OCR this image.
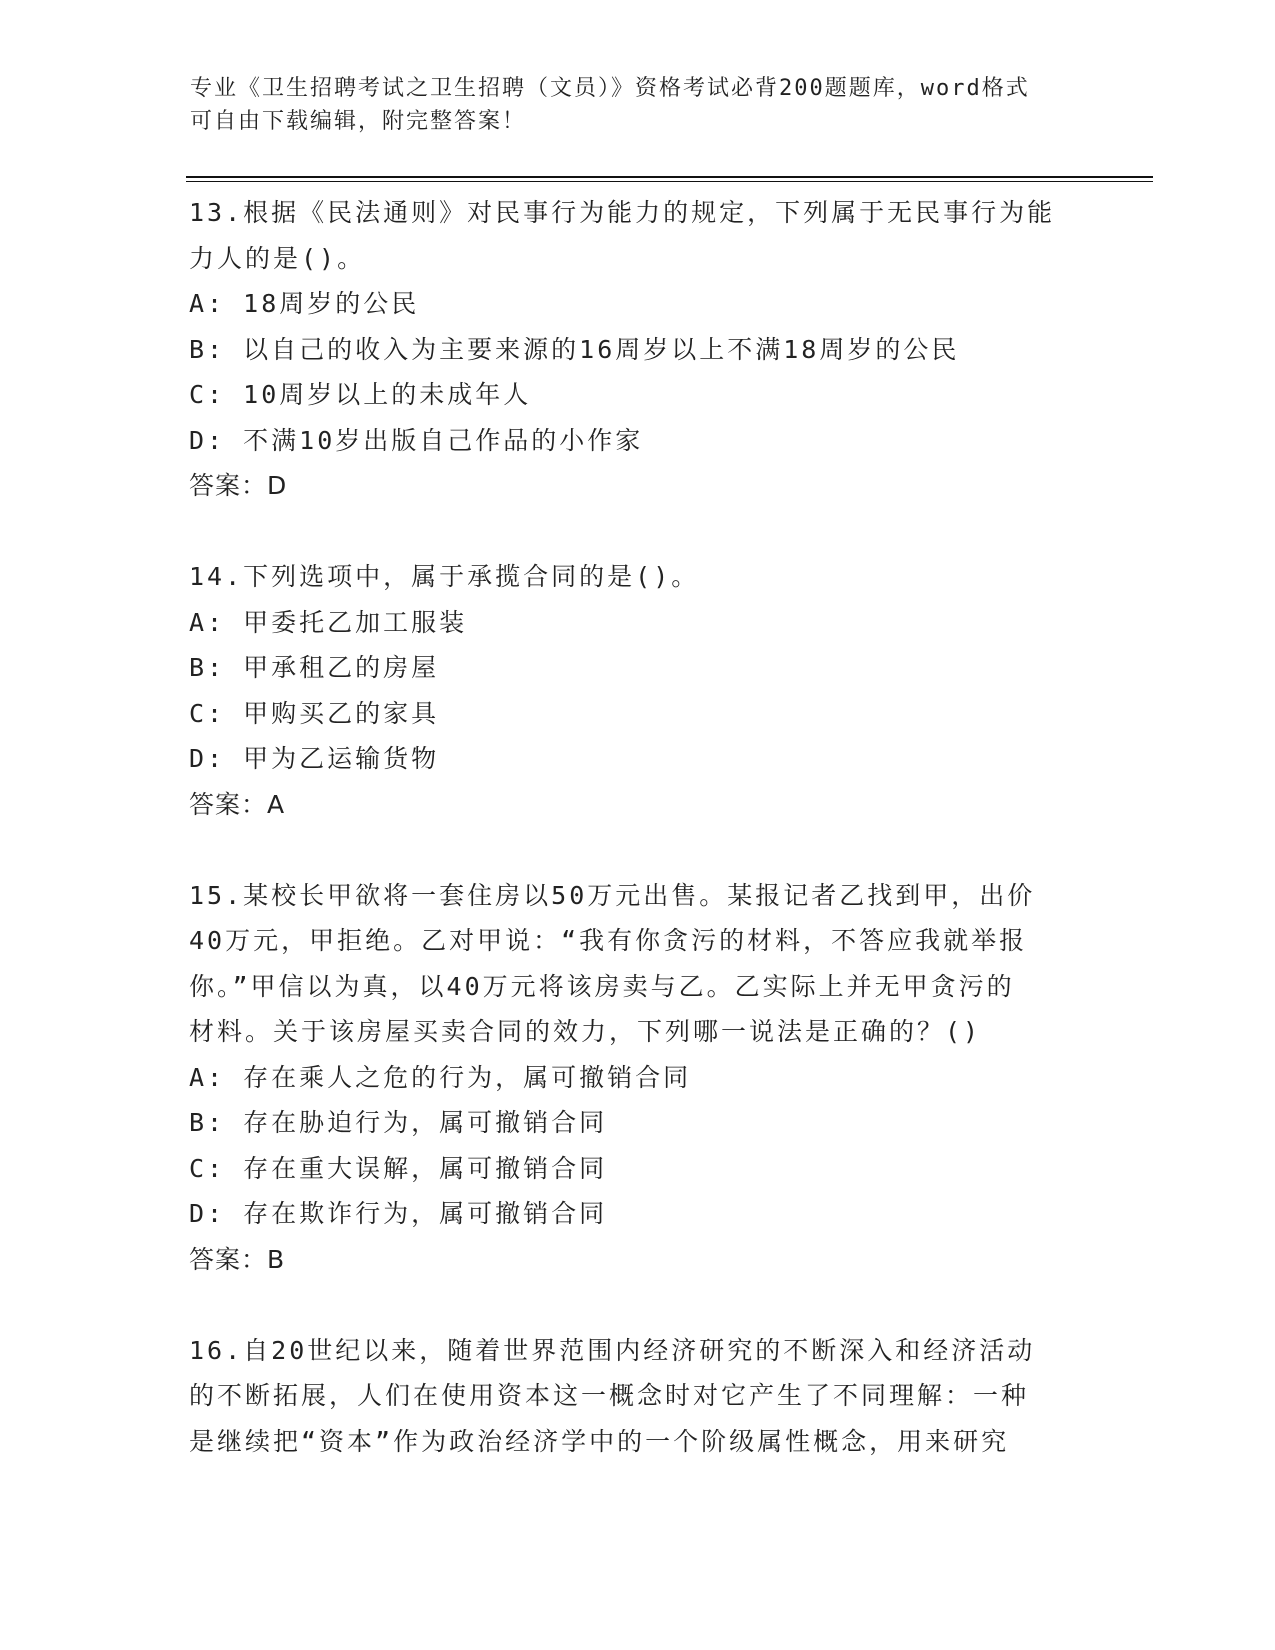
专业《卫生招聘考试之卫生招聘（文员）》资格考试必背200题题库，word格式

可自由下载编辑，附完整答案！

13.根据《民法通则》对民事行为能力的规定，下列属于无民事行为能

力人的是()。

A: 18周岁的公民

B: 以自己的收入为主要来源的16周岁以上不满18周岁的公民

C: 10周岁以上的未成年人

D: 不满10岁出版自己作品的小作家

答案：D

14.下列选项中，属于承揽合同的是()。

A: 甲委托乙加工服装

B: 甲承租乙的房屋

C: 甲购买乙的家具

D: 甲为乙运输货物

答案：A

15.某校长甲欲将一套住房以50万元出售。某报记者乙找到甲，出价

40万元，甲拒绝。乙对甲说：“我有你贪污的材料，不答应我就举报

你。”甲信以为真，以40万元将该房卖与乙。乙实际上并无甲贪污的

材料。关于该房屋买卖合同的效力，下列哪一说法是正确的？()

A: 存在乘人之危的行为，属可撤销合同

B: 存在胁迫行为，属可撤销合同

C: 存在重大误解，属可撤销合同

D: 存在欺诈行为，属可撤销合同

答案：B

16.自20世纪以来，随着世界范围内经济研究的不断深入和经济活动

的不断拓展，人们在使用资本这一概念时对它产生了不同理解：一种

是继续把“资本”作为政治经济学中的一个阶级属性概念，用来研究
